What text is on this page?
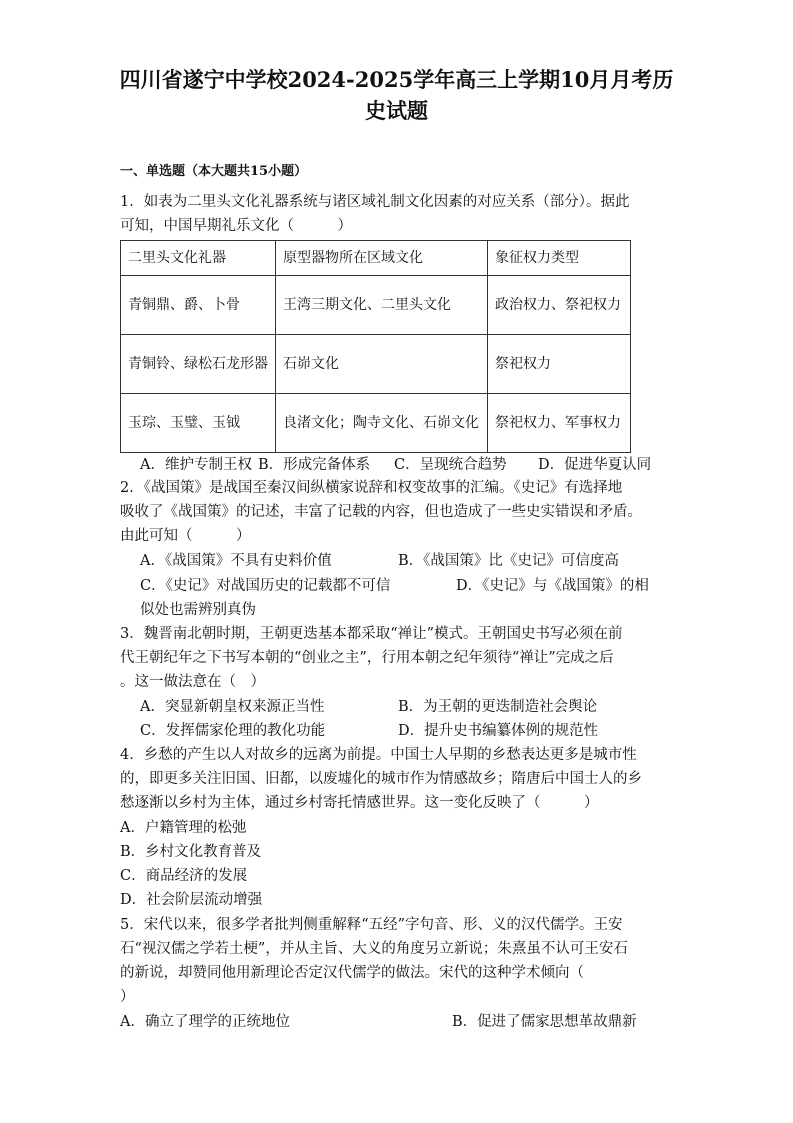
四川省遂宁中学校2024-2025学年高三上学期10月月考历
史试题
一、单选题（本大题共15小题）
1．如表为二里头文化礼器系统与诸区域礼制文化因素的对应关系（部分）。据此
可知，中国早期礼乐文化（　　　）
二里头文化礼器	原型器物所在区域文化	象征权力类型
青铜鼎、爵、卜骨	王湾三期文化、二里头文化	政治权力、祭祀权力
青铜铃、绿松石龙形器	石峁文化	祭祀权力
玉琮、玉璧、玉钺	良渚文化；陶寺文化、石峁文化	祭祀权力、军事权力
A．维护专制王权 B．形成完备体系 C．呈现统合趋势 D．促进华夏认同
2．《战国策》是战国至秦汉间纵横家说辞和权变故事的汇编。《史记》有选择地
吸收了《战国策》的记述，丰富了记载的内容，但也造成了一些史实错误和矛盾。
由此可知（　　　）
A．《战国策》不具有史料价值	B．《战国策》比《史记》可信度高
C．《史记》对战国历史的记载都不可信	D．《史记》与《战国策》的相
似处也需辨别真伪
3．魏晋南北朝时期，王朝更迭基本都采取“禅让”模式。王朝国史书写必须在前
代王朝纪年之下书写本朝的“创业之主”，行用本朝之纪年须待“禅让”完成之后
。这一做法意在（　）
A．突显新朝皇权来源正当性	B．为王朝的更迭制造社会舆论
C．发挥儒家伦理的教化功能	D．提升史书编纂体例的规范性
4．乡愁的产生以人对故乡的远离为前提。中国士人早期的乡愁表达更多是城市性
的，即更多关注旧国、旧都，以废墟化的城市作为情感故乡；隋唐后中国士人的乡
愁逐渐以乡村为主体，通过乡村寄托情感世界。这一变化反映了（　　　）
A．户籍管理的松弛
B．乡村文化教育普及
C．商品经济的发展
D．社会阶层流动增强
5．宋代以来，很多学者批判侧重解释“五经”字句音、形、义的汉代儒学。王安
石“视汉儒之学若土梗”，并从主旨、大义的角度另立新说；朱熹虽不认可王安石
的新说，却赞同他用新理论否定汉代儒学的做法。宋代的这种学术倾向（
）
A．确立了理学的正统地位	B．促进了儒家思想革故鼎新
